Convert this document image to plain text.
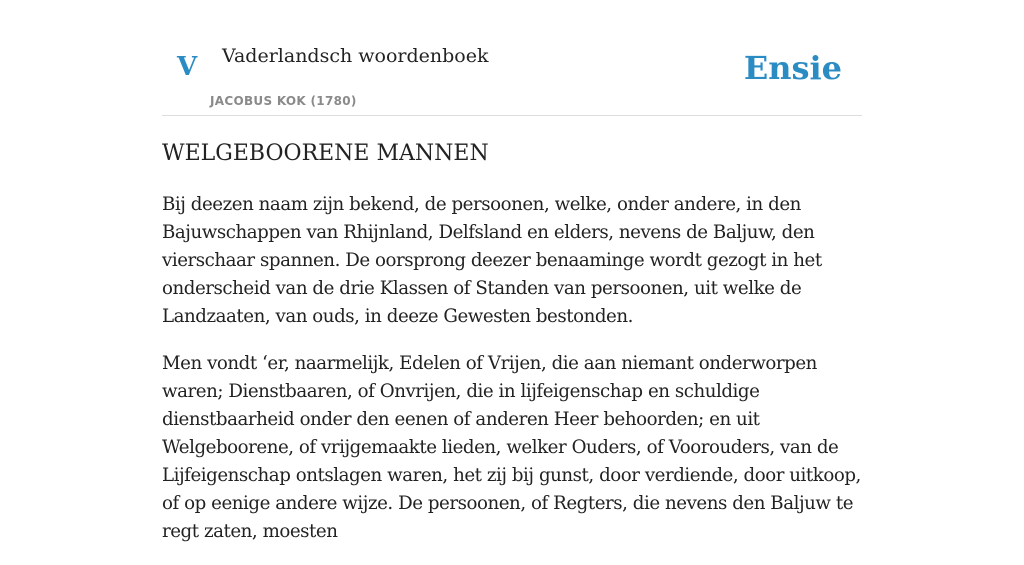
V Vaderlandsch woordenboek
JACOBUS KOK (1780)
Ensie
WELGEBOORENE MANNEN

Bij deezen naam zijn bekend, de persoonen, welke, onder andere, in den Bajuwschappen van Rhijnland, Delfsland en elders, nevens de Baljuw, den vierschaar spannen. De oorsprong deezer benaaminge wordt gezogt in het onderscheid van de drie Klassen of Standen van persoonen, uit welke de Landzaaten, van ouds, in deeze Gewesten bestonden.

Men vondt ‘er, naarmelijk, Edelen of Vrijen, die aan niemant onderworpen waren; Dienstbaaren, of Onvrijen, die in lijfeigenschap en schuldige dienstbaarheid onder den eenen of anderen Heer behoorden; en uit Welgeboorene, of vrijgemaakte lieden, welker Ouders, of Voorouders, van de Lijfeigenschap ontslagen waren, het zij bij gunst, door verdiende, door uitkoop, of op eenige andere wijze. De persoonen, of Regters, die nevens den Baljuw te regt zaten, moesten
